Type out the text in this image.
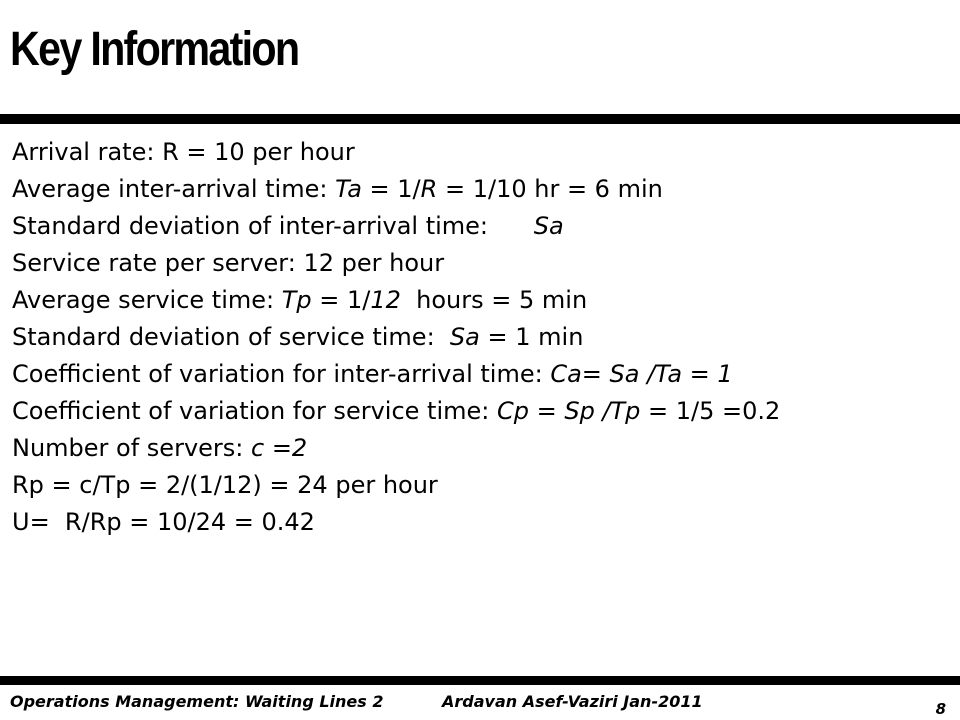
Key Information
Arrival rate: R = 10 per hour
Average inter-arrival time: Ta = 1/R = 1/10 hr = 6 min
Standard deviation of inter-arrival time:      Sa
Service rate per server: 12 per hour
Average service time: Tp = 1/12  hours = 5 min
Standard deviation of service time:  Sa = 1 min
Coefficient of variation for inter-arrival time: Ca= Sa /Ta = 1
Coefficient of variation for service time: Cp = Sp /Tp = 1/5 =0.2
Number of servers: c =2
Rp = c/Tp = 2/(1/12) = 24 per hour
U=  R/Rp = 10/24 = 0.42
Operations Management: Waiting Lines 2	Ardavan Asef-Vaziri Jan-2011	8
